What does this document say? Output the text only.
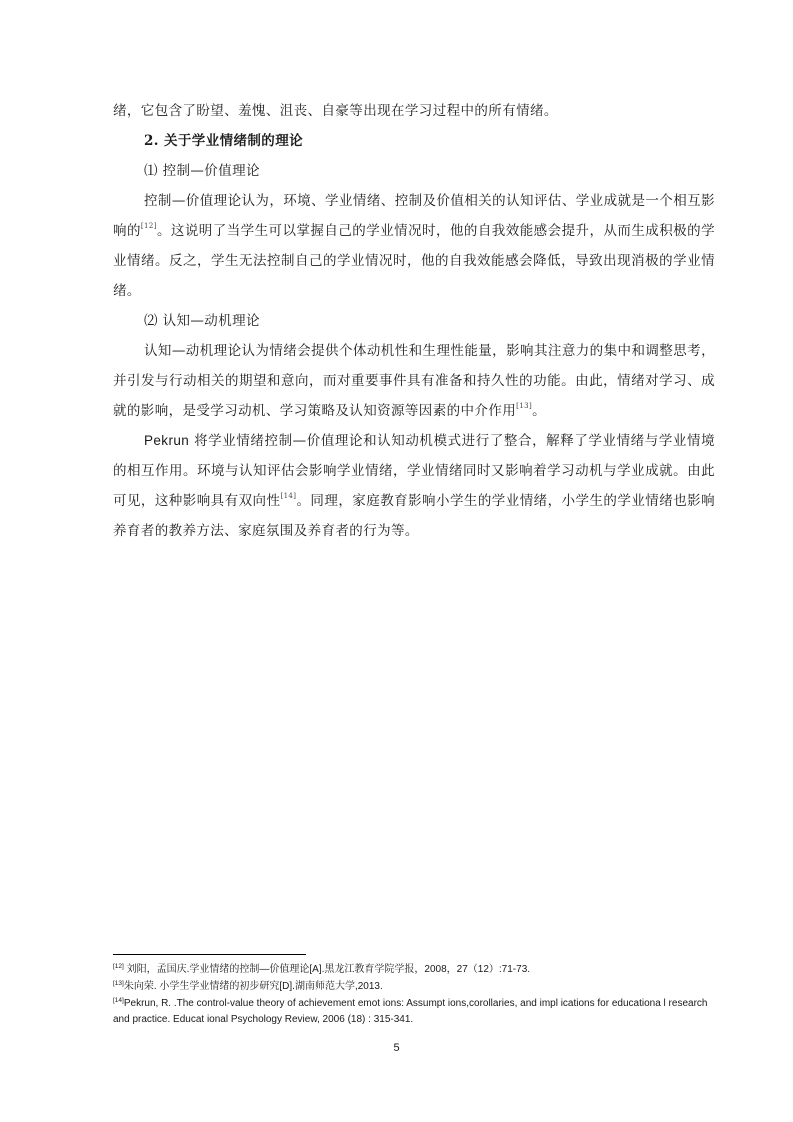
绪，它包含了盼望、羞愧、沮丧、自豪等出现在学习过程中的所有情绪。

2. 关于学业情绪制的理论

⑴ 控制—价值理论

控制—价值理论认为，环境、学业情绪、控制及价值相关的认知评估、学业成就是一个相互影响的[12]。这说明了当学生可以掌握自己的学业情况时，他的自我效能感会提升，从而生成积极的学业情绪。反之，学生无法控制自己的学业情况时，他的自我效能感会降低，导致出现消极的学业情绪。

⑵ 认知—动机理论

认知—动机理论认为情绪会提供个体动机性和生理性能量，影响其注意力的集中和调整思考，并引发与行动相关的期望和意向，而对重要事件具有准备和持久性的功能。由此，情绪对学习、成就的影响，是受学习动机、学习策略及认知资源等因素的中介作用[13]。

Pekrun 将学业情绪控制—价值理论和认知动机模式进行了整合，解释了学业情绪与学业情境的相互作用。环境与认知评估会影响学业情绪，学业情绪同时又影响着学习动机与学业成就。由此可见，这种影响具有双向性[14]。同理，家庭教育影响小学生的学业情绪，小学生的学业情绪也影响养育者的教养方法、家庭氛围及养育者的行为等。

[12] 刘阳，孟国庆.学业情绪的控制—价值理论[A].黑龙江教育学院学报，2008，27（12）:71-73.

[13]朱向荣. 小学生学业情绪的初步研究[D].湖南师范大学,2013.

[14]Pekrun, R. .The control-value theory of achievement emot ions: Assumpt ions,corollaries, and impl ications for educationa l research and practice. Educat ional Psychology Review, 2006 (18) : 315-341.

5
